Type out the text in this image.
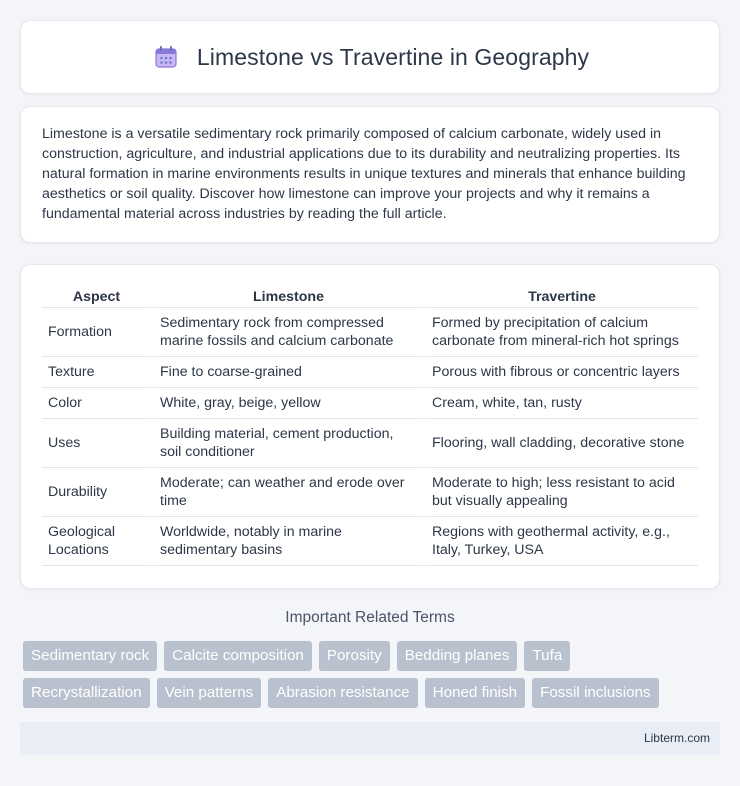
Limestone vs Travertine in Geography

Limestone is a versatile sedimentary rock primarily composed of calcium carbonate, widely used in construction, agriculture, and industrial applications due to its durability and neutralizing properties. Its natural formation in marine environments results in unique textures and minerals that enhance building aesthetics or soil quality. Discover how limestone can improve your projects and why it remains a fundamental material across industries by reading the full article.

Aspect	Limestone	Travertine
Formation	Sedimentary rock from compressed marine fossils and calcium carbonate	Formed by precipitation of calcium carbonate from mineral-rich hot springs
Texture	Fine to coarse-grained	Porous with fibrous or concentric layers
Color	White, gray, beige, yellow	Cream, white, tan, rusty
Uses	Building material, cement production, soil conditioner	Flooring, wall cladding, decorative stone
Durability	Moderate; can weather and erode over time	Moderate to high; less resistant to acid but visually appealing
Geological Locations	Worldwide, notably in marine sedimentary basins	Regions with geothermal activity, e.g., Italy, Turkey, USA
Important Related Terms
Sedimentary rock	Calcite composition	Porosity	Bedding planes	Tufa
Recrystallization	Vein patterns	Abrasion resistance	Honed finish	Fossil inclusions
Libterm.com
